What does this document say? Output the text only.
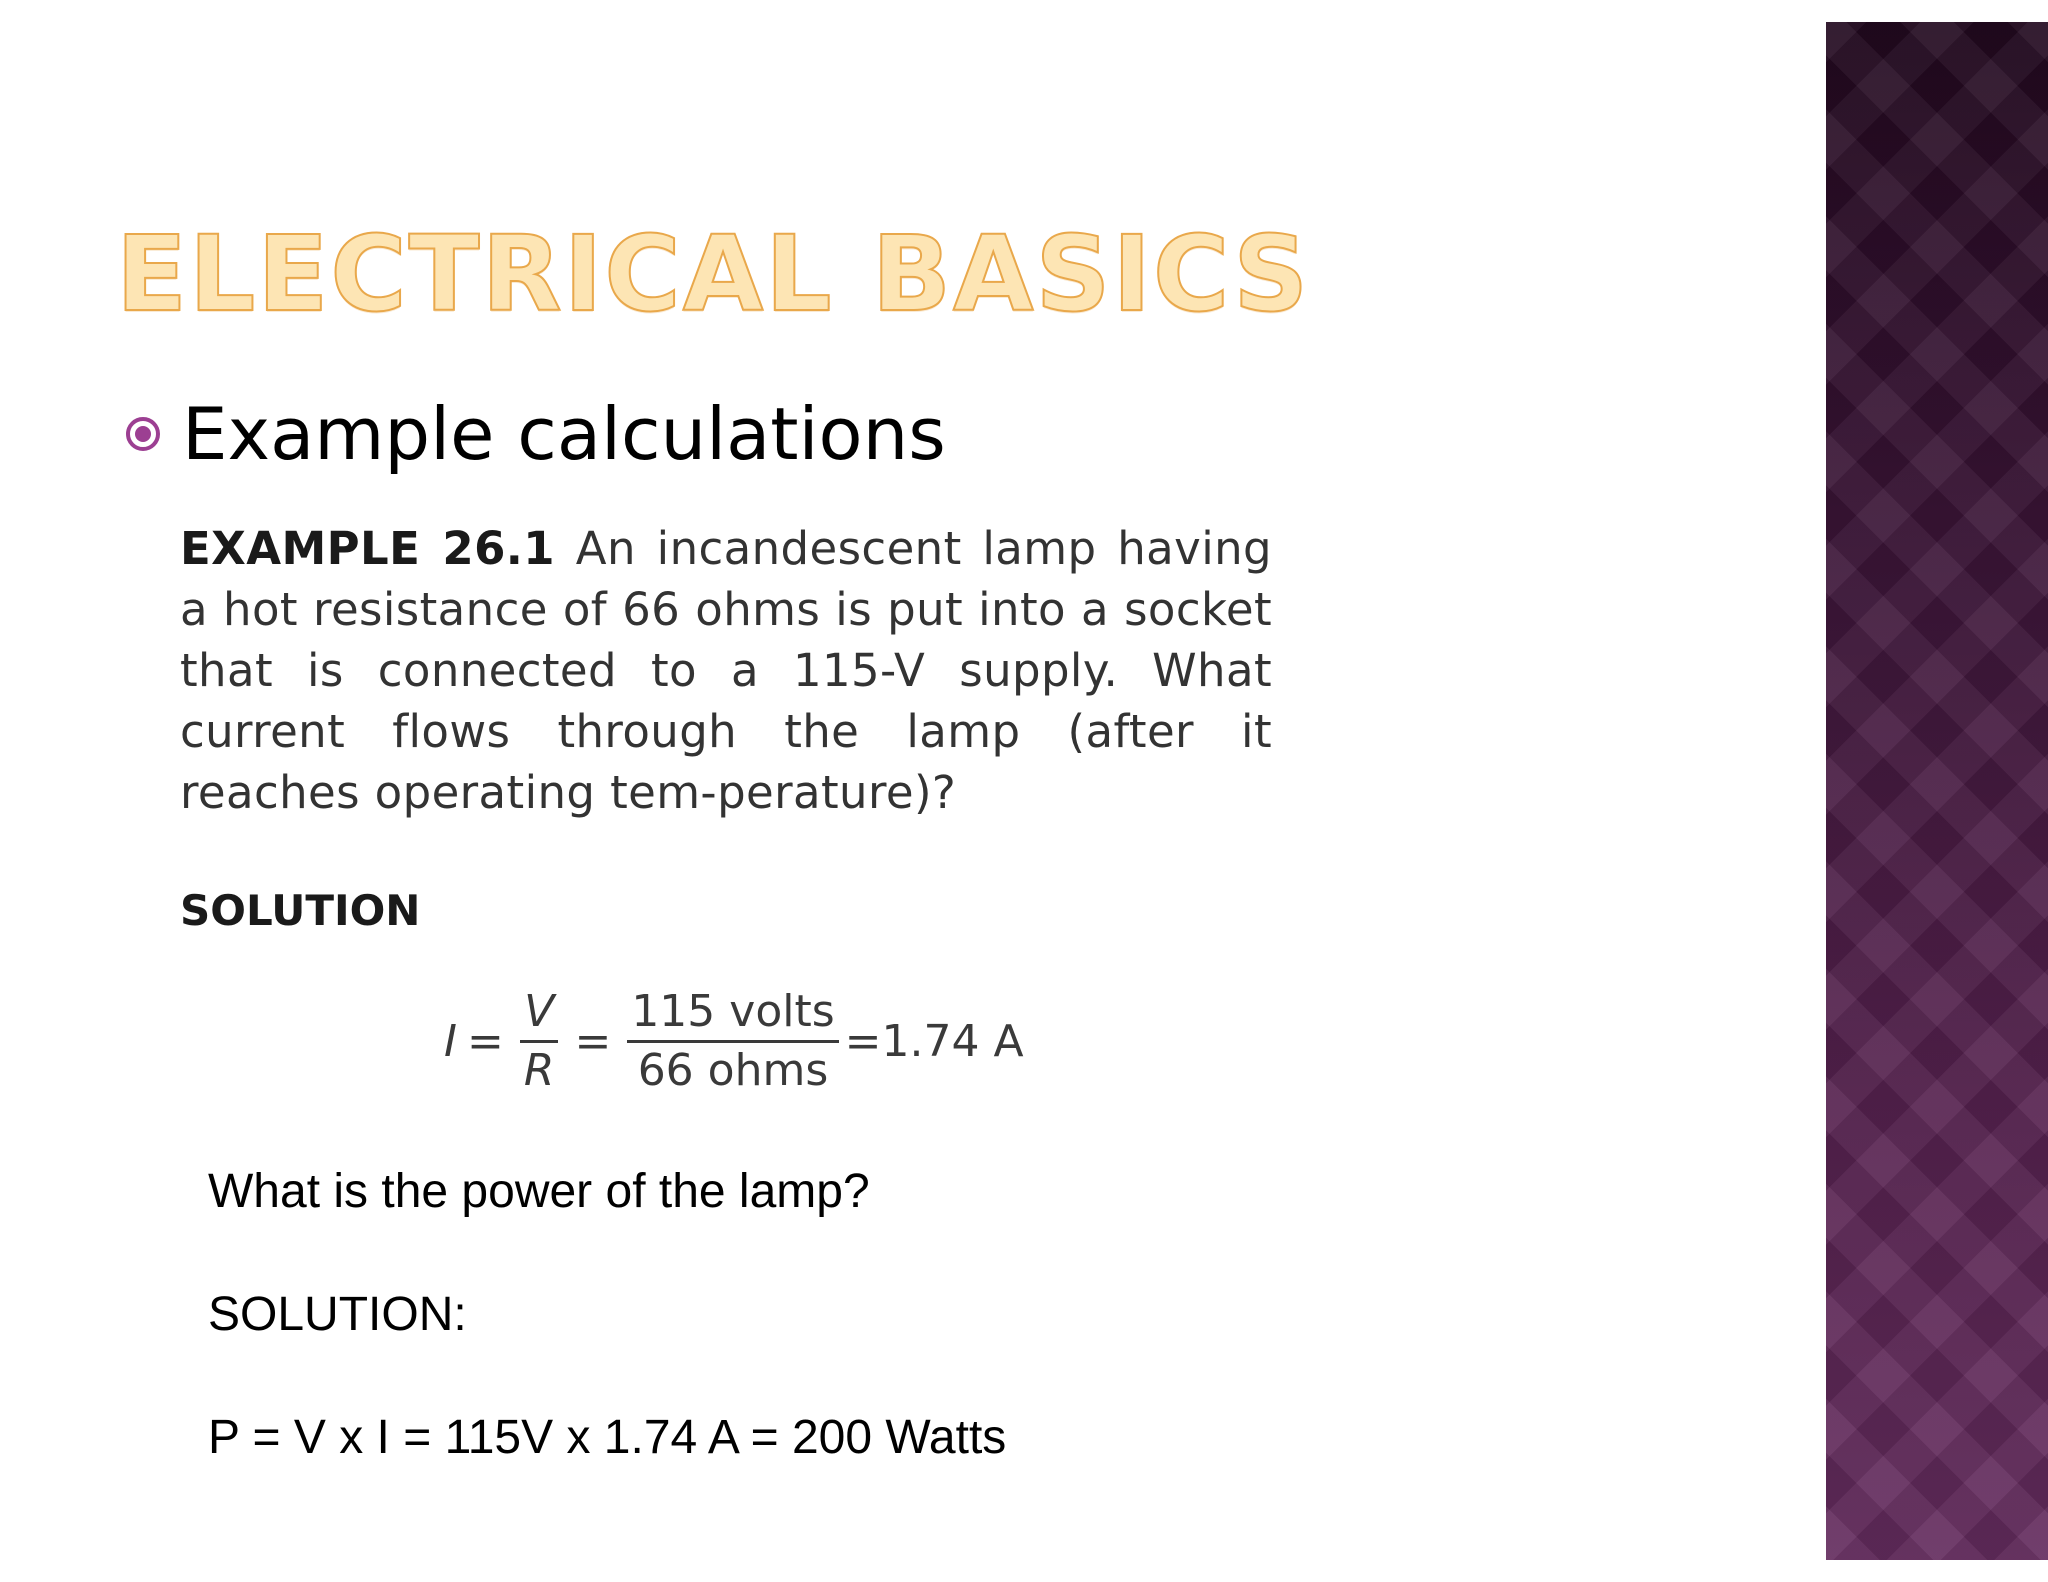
ELECTRICAL BASICS
Example calculations
EXAMPLE 26.1 An incandescent lamp having a hot resistance of 66 ohms is put into a socket that is connected to a 115-V supply. What current flows through the lamp (after it reaches operating tem-perature)?
SOLUTION
$I = \frac{V}{R} = \frac{\text{115 volts}}{\text{66 ohms}} =1.74$ A
What is the power of the lamp?
SOLUTION:
P = V x I = 115V x 1.74 A = 200 Watts
